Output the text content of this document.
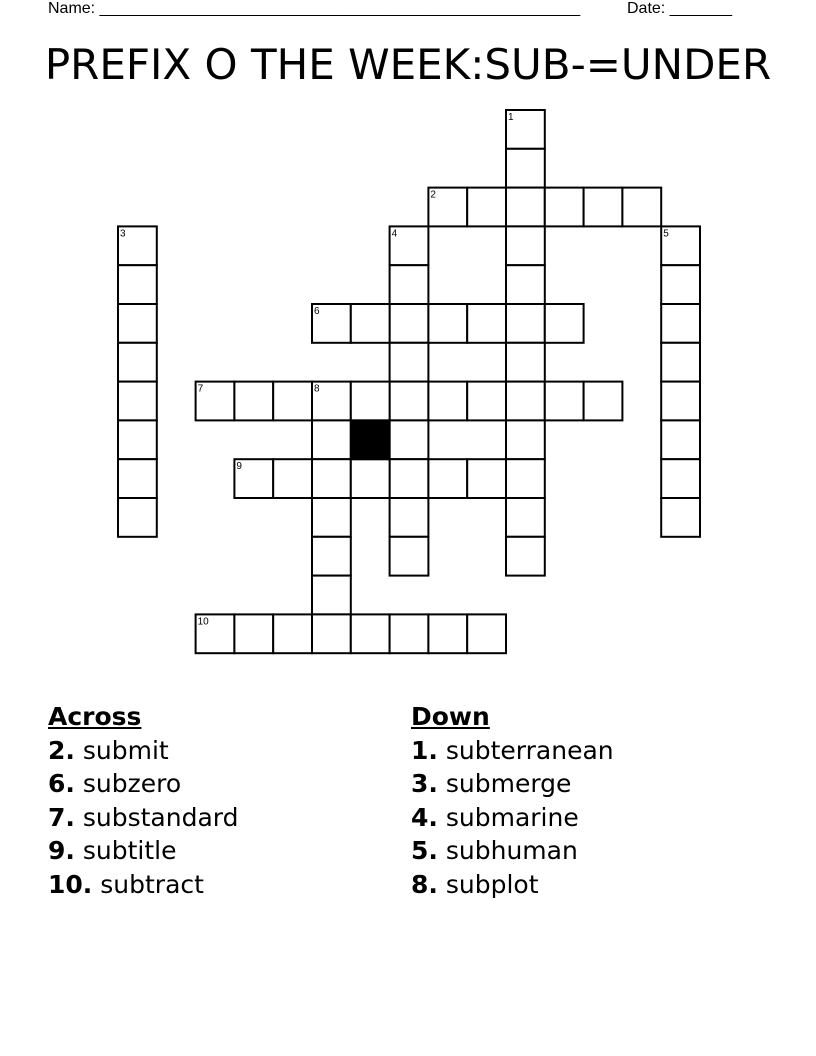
Name: ______________________________________________________	Date: _______
PREFIX O THE WEEK:SUB-=UNDER
1
2
3	4	5
6
7	8
9
10
Across
2. submit
6. subzero
7. substandard
9. subtitle
10. subtract
Down
1. subterranean
3. submerge
4. submarine
5. subhuman
8. subplot
